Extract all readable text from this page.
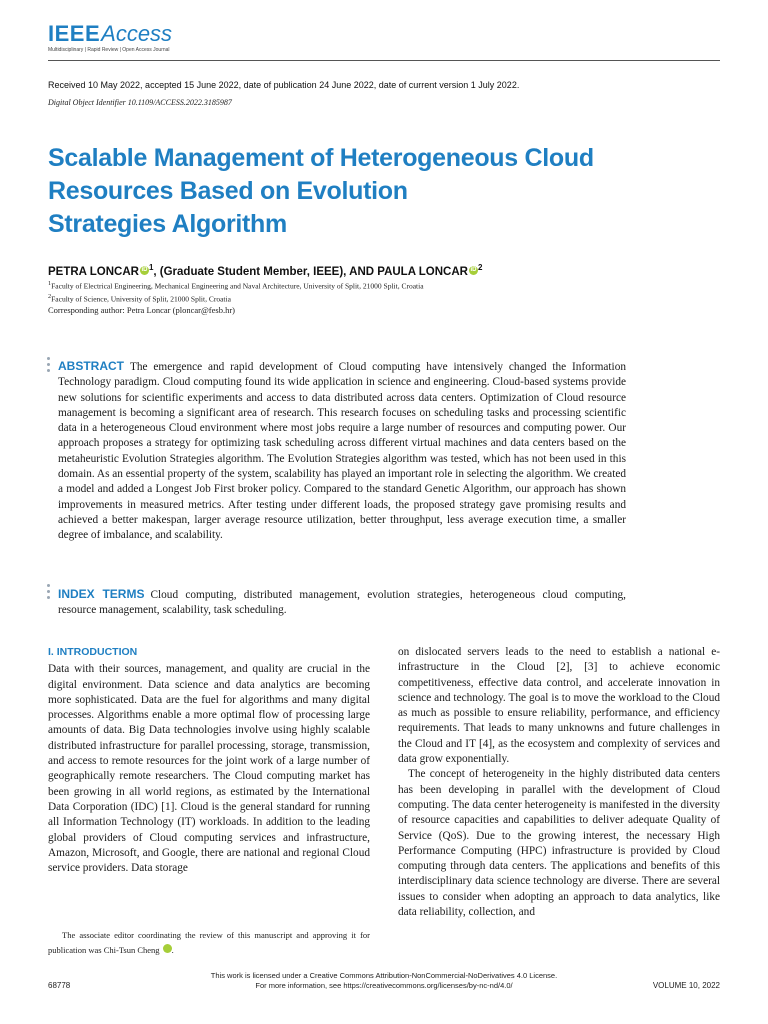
IEEEAccess
Multidisciplinary | Rapid Review | Open Access Journal
Received 10 May 2022, accepted 15 June 2022, date of publication 24 June 2022, date of current version 1 July 2022.
Digital Object Identifier 10.1109/ACCESS.2022.3185987
Scalable Management of Heterogeneous Cloud
Resources Based on Evolution
Strategies Algorithm
PETRA LONCAR iD $^1$, (Graduate Student Member, IEEE), AND PAULA LONCAR iD $^2$
$^1$Faculty of Electrical Engineering, Mechanical Engineering and Naval Architecture, University of Split, 21000 Split, Croatia
$^2$Faculty of Science, University of Split, 21000 Split, Croatia
Corresponding author: Petra Loncar (ploncar@fesb.hr)

ABSTRACT The emergence and rapid development of Cloud computing have intensively changed the Information Technology paradigm. Cloud computing found its wide application in science and engineering. Cloud-based systems provide new solutions for scientific experiments and access to data distributed across data centers. Optimization of Cloud resource management is becoming a significant area of research. This research focuses on scheduling tasks and processing scientific data in a heterogeneous Cloud environment where most jobs require a large number of resources and computing power. Our approach proposes a strategy for optimizing task scheduling across different virtual machines and data centers based on the metaheuristic Evolution Strategies algorithm. The Evolution Strategies algorithm was tested, which has not been used in this domain. As an essential property of the system, scalability has played an important role in selecting the algorithm. We created a model and added a Longest Job First broker policy. Compared to the standard Genetic Algorithm, our approach has shown improvements in measured metrics. After testing under different loads, the proposed strategy gave promising results and achieved a better makespan, larger average resource utilization, better throughput, less average execution time, a smaller degree of imbalance, and scalability.

INDEX TERMS Cloud computing, distributed management, evolution strategies, heterogeneous cloud computing, resource management, scalability, task scheduling.

I. INTRODUCTION

Data with their sources, management, and quality are crucial in the digital environment. Data science and data analytics are becoming more sophisticated. Data are the fuel for algorithms and many digital processes. Algorithms enable a more optimal flow of processing large amounts of data. Big Data technologies involve using highly scalable distributed infrastructure for parallel processing, storage, transmission, and access to remote resources for the joint work of a large number of geographically remote researchers. The Cloud computing market has been growing in all world regions, as estimated by the International Data Corporation (IDC) [1]. Cloud is the general standard for running all Information Technology (IT) workloads. In addition to the leading global providers of Cloud computing services and infrastructure, Amazon, Microsoft, and Google, there are national and regional Cloud service providers. Data storage

on dislocated servers leads to the need to establish a national e-infrastructure in the Cloud [2], [3] to achieve economic competitiveness, effective data control, and accelerate innovation in science and technology. The goal is to move the workload to the Cloud as much as possible to ensure reliability, performance, and efficiency requirements. That leads to many unknowns and future challenges in the Cloud and IT [4], as the ecosystem and complexity of services and data grow exponentially.

The concept of heterogeneity in the highly distributed data centers has been developing in parallel with the development of Cloud computing. The data center heterogeneity is manifested in the diversity of resource capacities and capabilities to deliver adequate Quality of Service (QoS). Due to the growing interest, the necessary High Performance Computing (HPC) infrastructure is provided by Cloud computing through data centers. The applications and benefits of this interdisciplinary data science technology are diverse. There are several issues to consider when adopting an approach to data analytics, like data reliability, collection, and

The associate editor coordinating the review of this manuscript and approving it for publication was Chi-Tsun Cheng	iD.

This work is licensed under a Creative Commons Attribution-NonCommercial-NoDerivatives 4.0 License.
For more information, see https://creativecommons.org/licenses/by-nc-nd/4.0/
68778	VOLUME 10, 2022
